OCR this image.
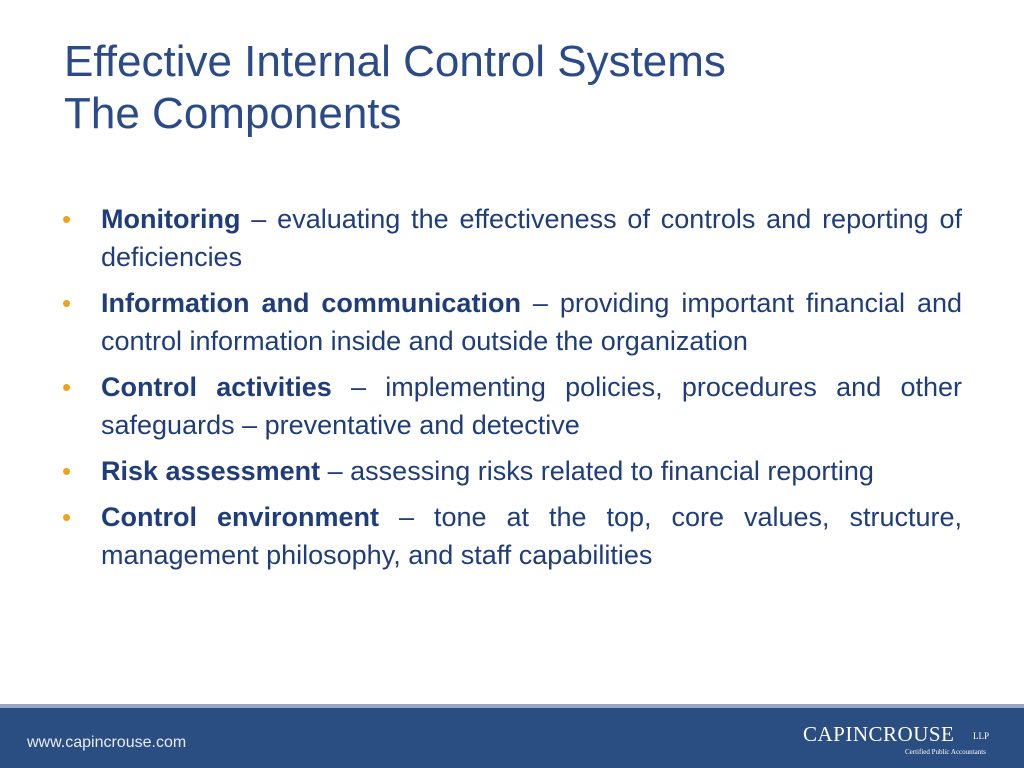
Effective Internal Control Systems
The Components
• Monitoring – evaluating the effectiveness of controls and reporting of deficiencies
• Information and communication – providing important financial and control information inside and outside the organization
• Control activities – implementing policies, procedures and other safeguards – preventative and detective
• Risk assessment – assessing risks related to financial reporting
• Control environment – tone at the top, core values, structure, management philosophy, and staff capabilities
www.capincrouse.com	CAPINCROUSE LLP
Certified Public Accountants
